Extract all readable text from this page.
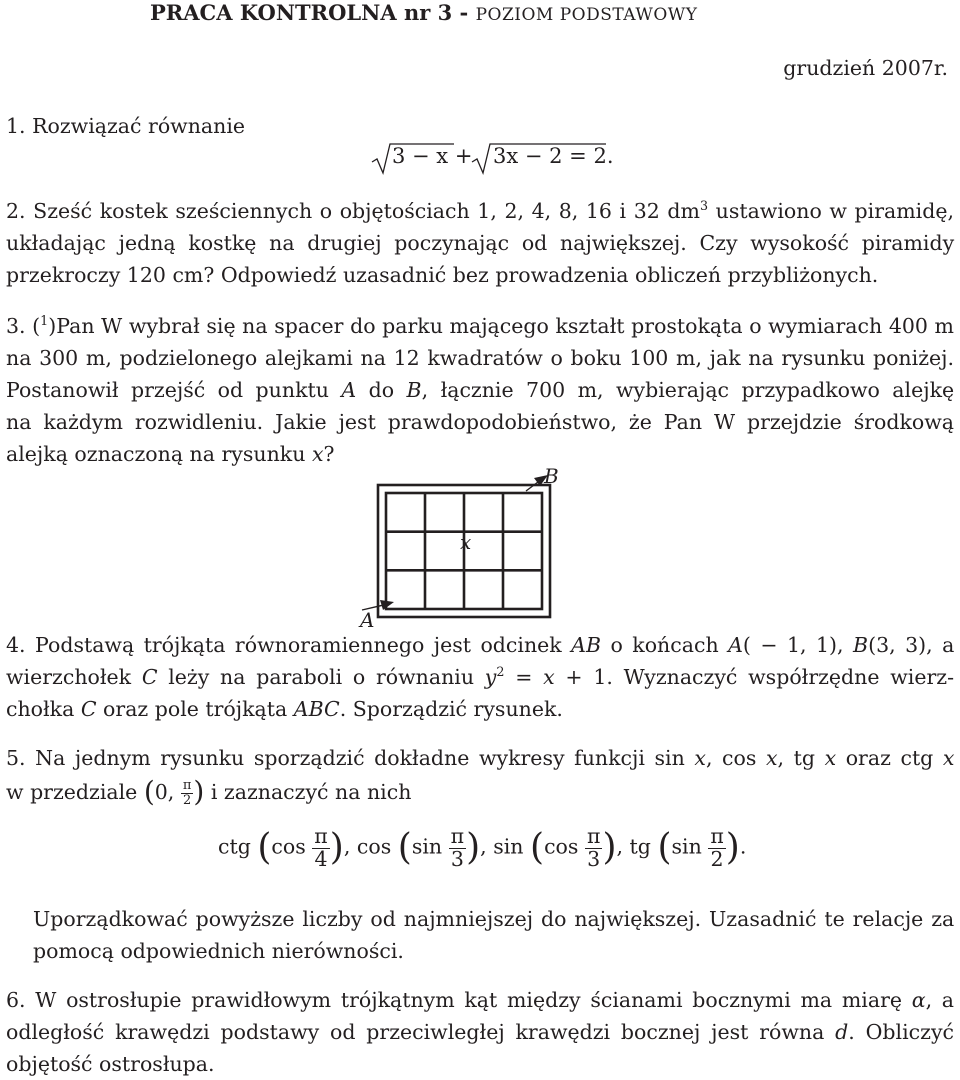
PRACA KONTROLNA nr 3 - POZIOM PODSTAWOWY
grudzień 2007r.
1. Rozwiązać równanie
3 − x + 3x − 2 = 2.
2. Sześć kostek sześciennych o objętościach 1, 2, 4, 8, 16 i 32 $dm^3$ ustawiono w piramidę,
układając jedną kostkę na drugiej poczynając od największej. Czy wysokość piramidy
przekroczy 120 cm? Odpowiedź uzasadnić bez prowadzenia obliczeń przybliżonych.
3. ($^1$)Pan W wybrał się na spacer do parku mającego kształt prostokąta o wymiarach 400 m
na 300 m, podzielonego alejkami na 12 kwadratów o boku 100 m, jak na rysunku poniżej.
Postanowił przejść od punktu A do B, łącznie 700 m, wybierając przypadkowo alejkę
na każdym rozwidleniu. Jakie jest prawdopodobieństwo, że Pan W przejdzie środkową
alejką oznaczoną na rysunku x?
B
A
x
4. Podstawą trójkąta równoramiennego jest odcinek AB o końcach A( − 1, 1), B(3, 3), a
wierzchołek C leży na paraboli o równaniu $y^2 = x + 1$. Wyznaczyć współrzędne wierz-
chołka C oraz pole trójkąta ABC. Sporządzić rysunek.
5. Na jednym rysunku sporządzić dokładne wykresy funkcji sin x, cos x, tg x oraz ctg x
w przedziale (0, $\frac{\pi}{2}$ ) i zaznaczyć na nich
ctg ($\cos \frac{\pi}{4}$ ), $\cos (\sin \frac{\pi}{3}$ ), $\sin (\cos \frac{\pi}{3}$ ), tg ($\sin \frac{\pi}{2}$ ).
Uporządkować powyższe liczby od najmniejszej do największej. Uzasadnić te relacje za
pomocą odpowiednich nierówności.
6. W ostrosłupie prawidłowym trójkątnym kąt między ścianami bocznymi ma miarę α, a
odległość krawędzi podstawy od przeciwległej krawędzi bocznej jest równa d. Obliczyć
objętość ostrosłupa.
